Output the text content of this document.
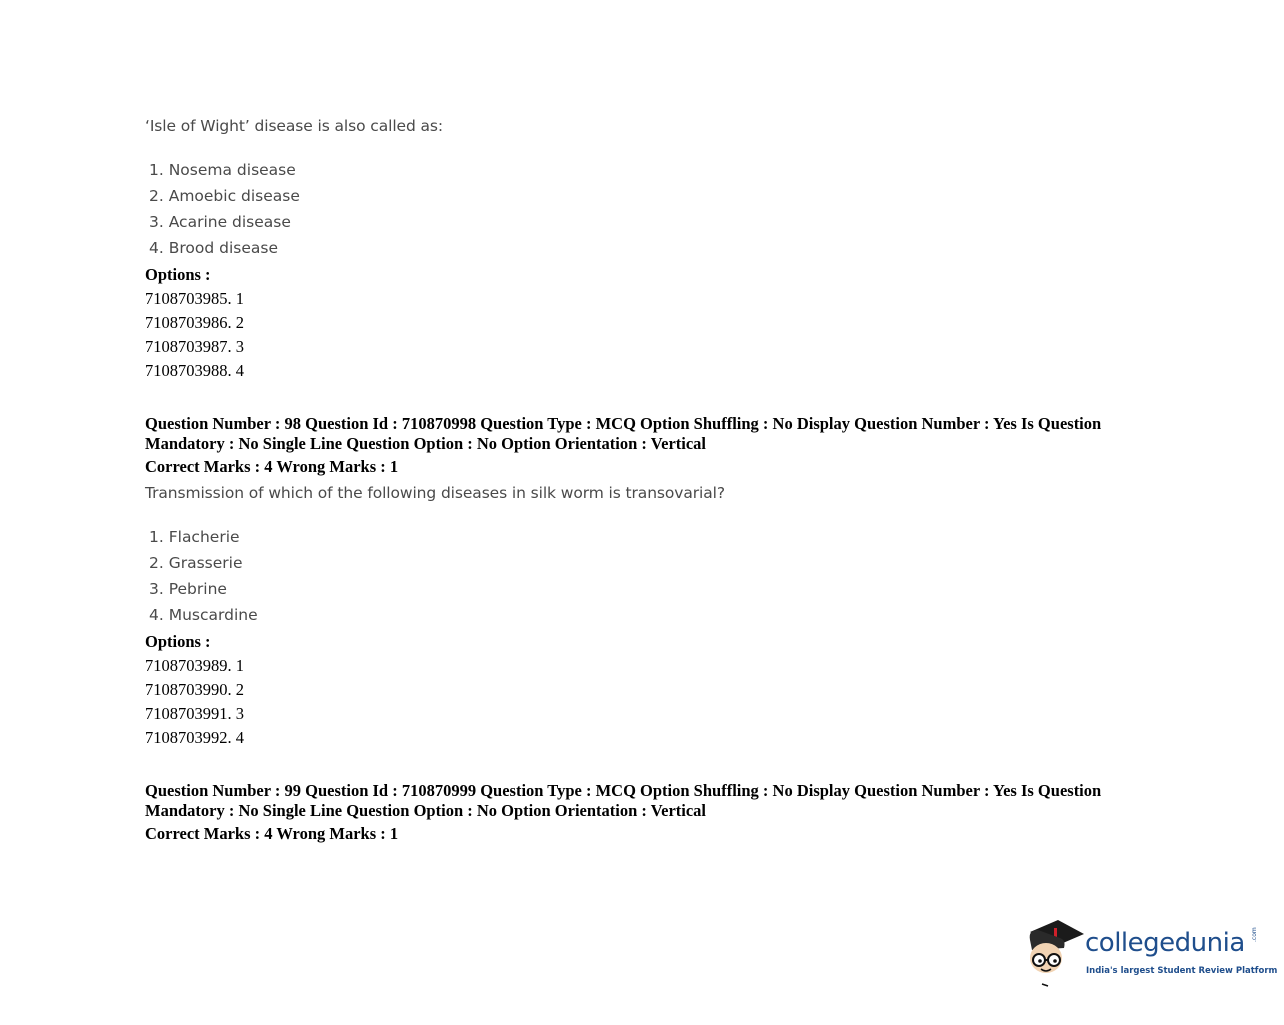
‘Isle of Wight’ disease is also called as:
1. Nosema disease
2. Amoebic disease
3. Acarine disease
4. Brood disease
Options :
7108703985. 1
7108703986. 2
7108703987. 3
7108703988. 4
Question Number : 98 Question Id : 710870998 Question Type : MCQ Option Shuffling : No Display Question Number : Yes Is Question
Mandatory : No Single Line Question Option : No Option Orientation : Vertical
Correct Marks : 4 Wrong Marks : 1
Transmission of which of the following diseases in silk worm is transovarial?
1. Flacherie
2. Grasserie
3. Pebrine
4. Muscardine
Options :
7108703989. 1
7108703990. 2
7108703991. 3
7108703992. 4
Question Number : 99 Question Id : 710870999 Question Type : MCQ Option Shuffling : No Display Question Number : Yes Is Question
Mandatory : No Single Line Question Option : No Option Orientation : Vertical
Correct Marks : 4 Wrong Marks : 1
collegedunia .com
India's largest Student Review Platform
